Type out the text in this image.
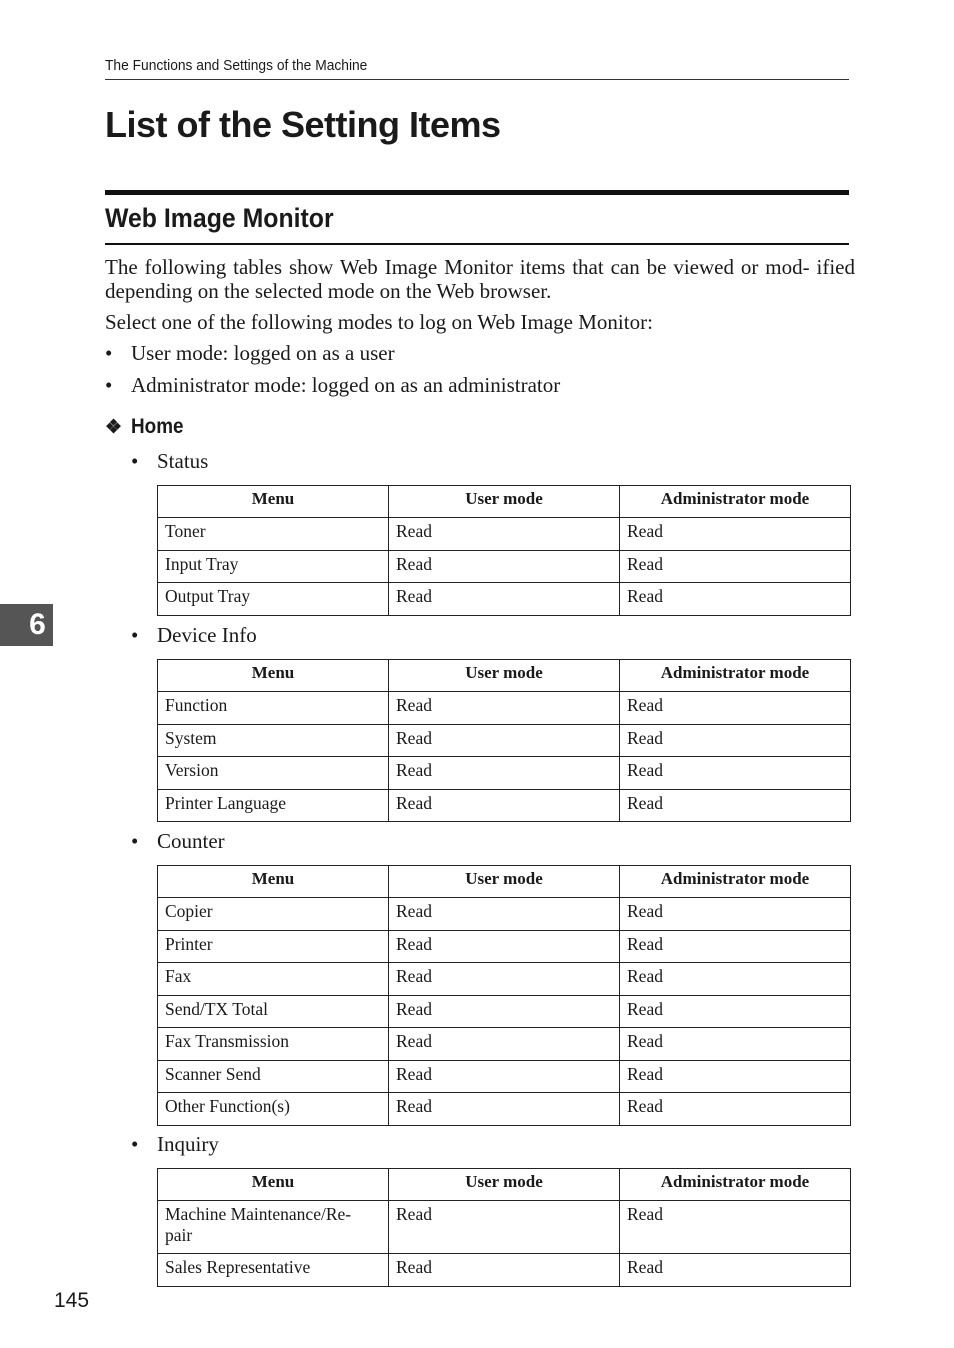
The Functions and Settings of the Machine
List of the Setting Items
Web Image Monitor

The following tables show Web Image Monitor items that can be viewed or mod- ified depending on the selected mode on the Web browser.

Select one of the following modes to log on Web Image Monitor:

• User mode: logged on as a user
• Administrator mode: logged on as an administrator
❖ Home
• Status
Menu	User mode	Administrator mode
Toner	Read	Read
Input Tray	Read	Read
Output Tray	Read	Read
• Device Info
Menu	User mode	Administrator mode
Function	Read	Read
System	Read	Read
Version	Read	Read
Printer Language	Read	Read
• Counter
Menu	User mode	Administrator mode
Copier	Read	Read
Printer	Read	Read
Fax	Read	Read
Send/TX Total	Read	Read
Fax Transmission	Read	Read
Scanner Send	Read	Read
Other Function(s)	Read	Read
• Inquiry
Menu	User mode	Administrator mode
Machine Maintenance/Re- pair	Read	Read
Sales Representative	Read	Read
6
145
